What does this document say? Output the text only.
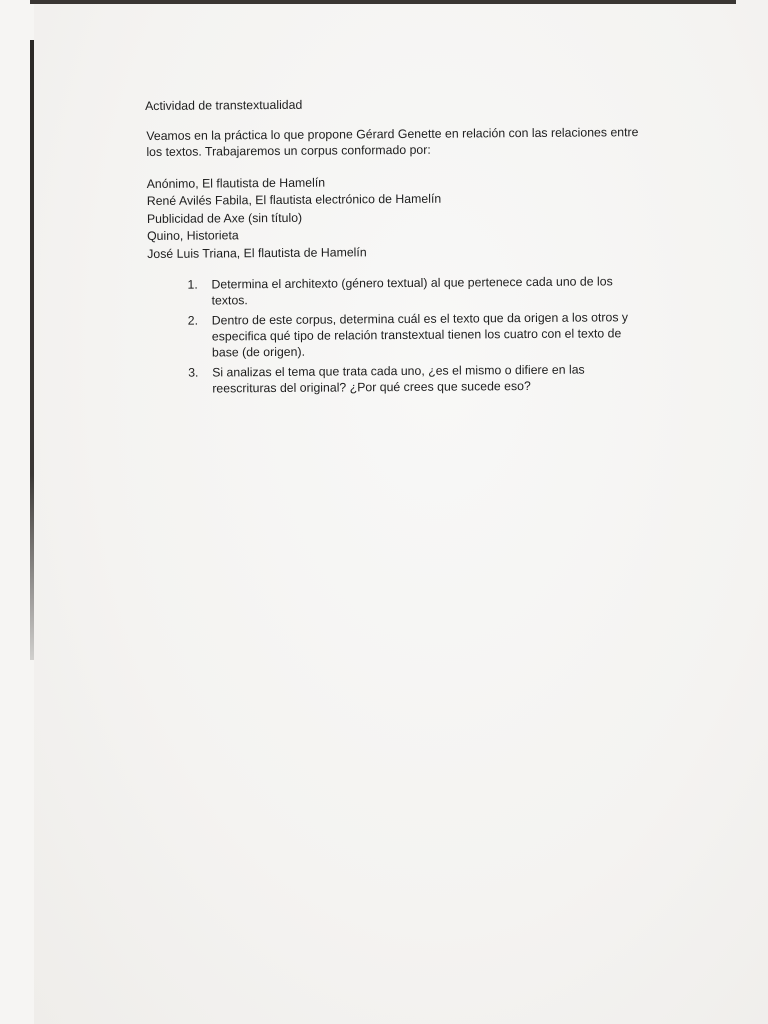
Actividad de transtextualidad

Veamos en la práctica lo que propone Gérard Genette en relación con las relaciones entre los textos. Trabajaremos un corpus conformado por:

Anónimo, El flautista de Hamelín
René Avilés Fabila, El flautista electrónico de Hamelín
Publicidad de Axe (sin título)
Quino, Historieta
José Luis Triana, El flautista de Hamelín
1. Determina el architexto (género textual) al que pertenece cada uno de los textos.
2. Dentro de este corpus, determina cuál es el texto que da origen a los otros y especifica qué tipo de relación transtextual tienen los cuatro con el texto de base (de origen).
3. Si analizas el tema que trata cada uno, ¿es el mismo o difiere en las reescrituras del original? ¿Por qué crees que sucede eso?
